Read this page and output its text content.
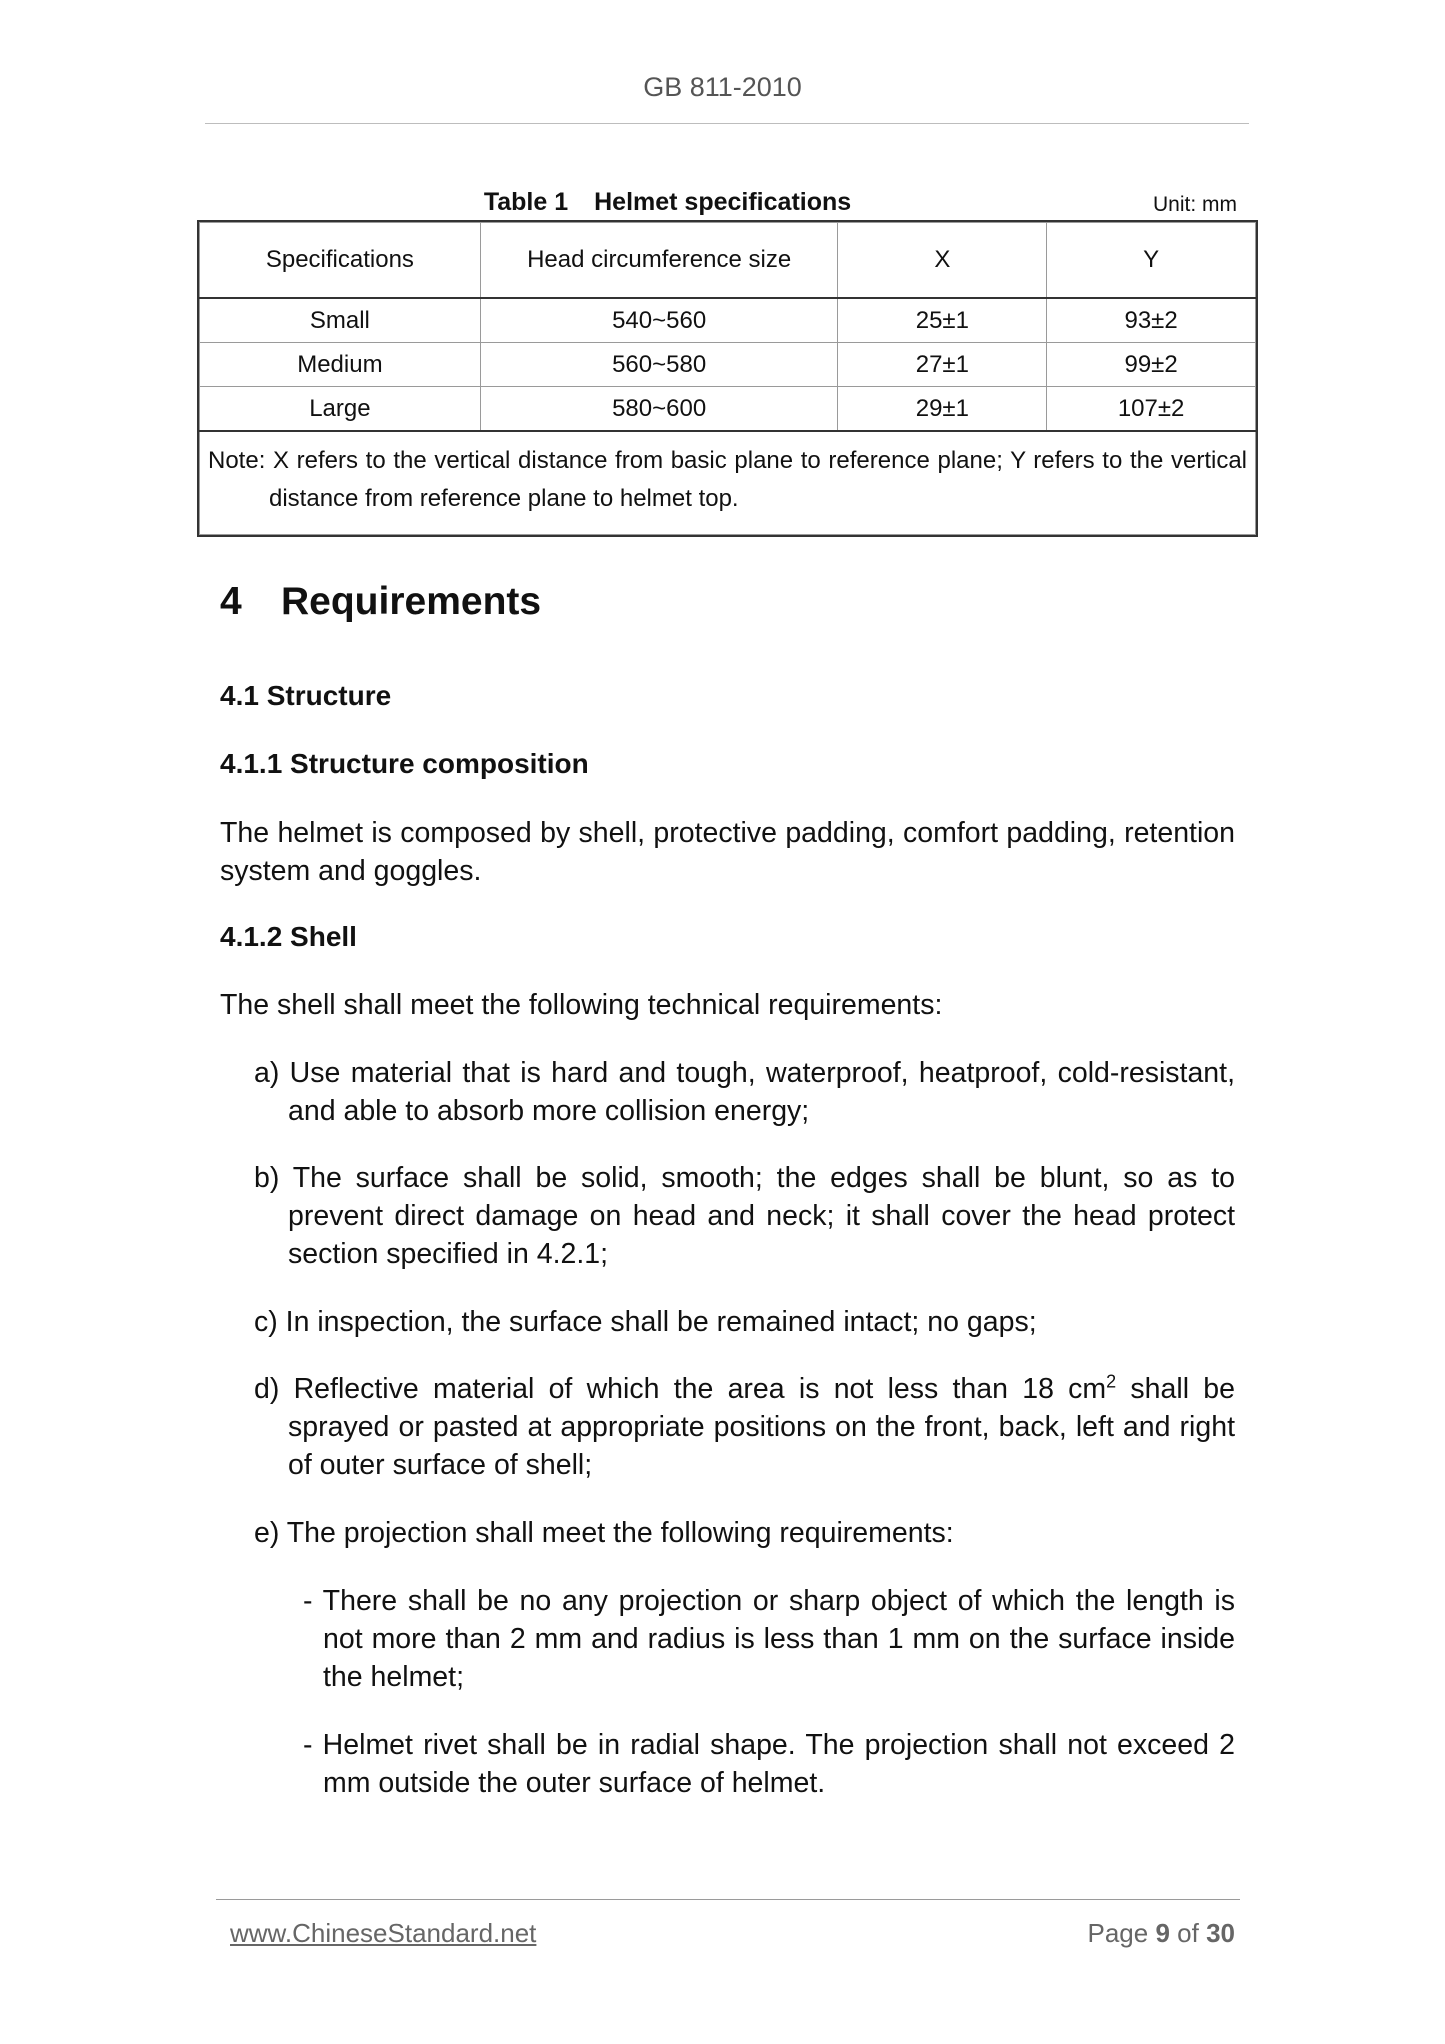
GB 811-2010
Table 1 Helmet specifications	Unit: mm
Specifications	Head circumference size	X	Y
Small	540~560	25±1	93±2
Medium	560~580	27±1	99±2
Large	580~600	29±1	107±2

Note: X refers to the vertical distance from basic plane to reference plane; Y refers to the vertical distance from reference plane to helmet top.			
4 Requirements
4.1 Structure
4.1.1 Structure composition
The helmet is composed by shell, protective padding, comfort padding, retention system and goggles.
4.1.2 Shell
The shell shall meet the following technical requirements:
a) Use material that is hard and tough, waterproof, heatproof, cold-resistant, and able to absorb more collision energy;
b) The surface shall be solid, smooth; the edges shall be blunt, so as to prevent direct damage on head and neck; it shall cover the head protect section specified in 4.2.1;
c) In inspection, the surface shall be remained intact; no gaps;
d) Reflective material of which the area is not less than 18 $cm^2$ shall be sprayed or pasted at appropriate positions on the front, back, left and right of outer surface of shell;
e) The projection shall meet the following requirements:
- There shall be no any projection or sharp object of which the length is not more than 2 mm and radius is less than 1 mm on the surface inside the helmet;
- Helmet rivet shall be in radial shape. The projection shall not exceed 2 mm outside the outer surface of helmet.
www.ChineseStandard.net	Page 9 of 30
